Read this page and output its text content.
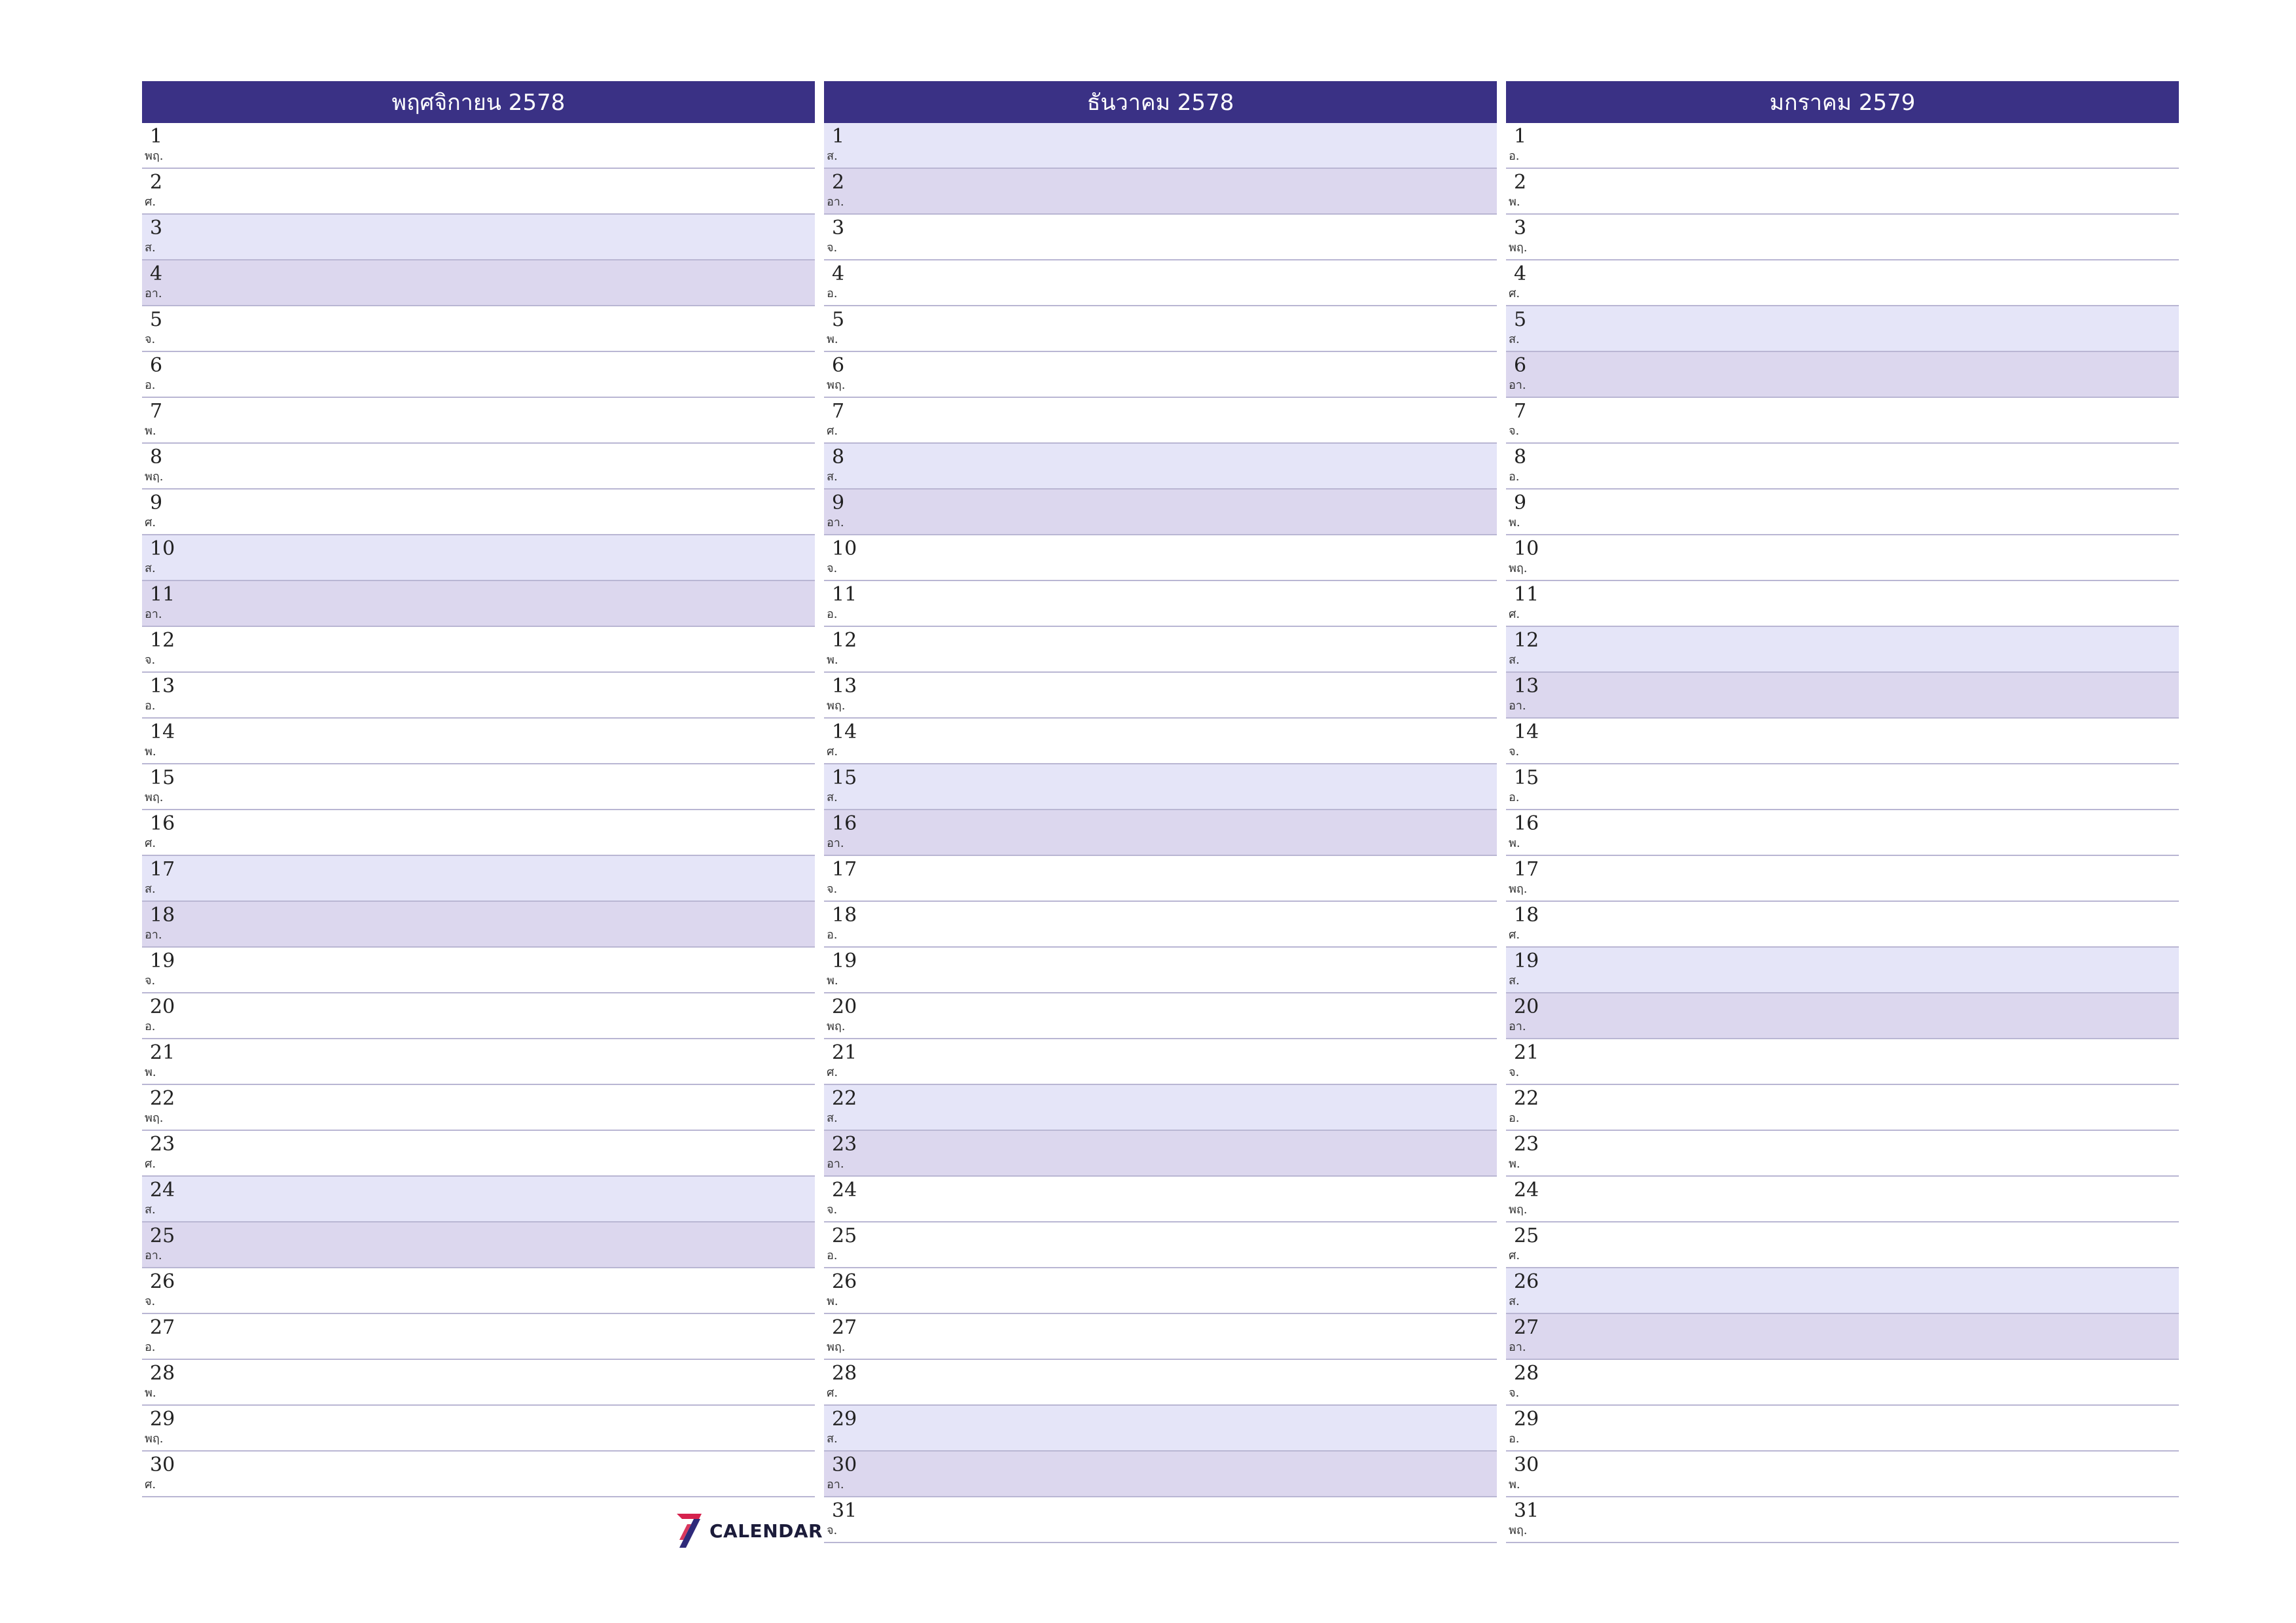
พฤศจิกายน 2578
1
พฤ.
2
ศ.
3
ส.
4
อา.
5
จ.
6
อ.
7
พ.
8
พฤ.
9
ศ.
10
ส.
11
อา.
12
จ.
13
อ.
14
พ.
15
พฤ.
16
ศ.
17
ส.
18
อา.
19
จ.
20
อ.
21
พ.
22
พฤ.
23
ศ.
24
ส.
25
อา.
26
จ.
27
อ.
28
พ.
29
พฤ.
30
ศ.
ธันวาคม 2578
1
ส.
2
อา.
3
จ.
4
อ.
5
พ.
6
พฤ.
7
ศ.
8
ส.
9
อา.
10
จ.
11
อ.
12
พ.
13
พฤ.
14
ศ.
15
ส.
16
อา.
17
จ.
18
อ.
19
พ.
20
พฤ.
21
ศ.
22
ส.
23
อา.
24
จ.
25
อ.
26
พ.
27
พฤ.
28
ศ.
29
ส.
30
อา.
31
จ.
มกราคม 2579
1
อ.
2
พ.
3
พฤ.
4
ศ.
5
ส.
6
อา.
7
จ.
8
อ.
9
พ.
10
พฤ.
11
ศ.
12
ส.
13
อา.
14
จ.
15
อ.
16
พ.
17
พฤ.
18
ศ.
19
ส.
20
อา.
21
จ.
22
อ.
23
พ.
24
พฤ.
25
ศ.
26
ส.
27
อา.
28
จ.
29
อ.
30
พ.
31
พฤ.
CALENDAR
